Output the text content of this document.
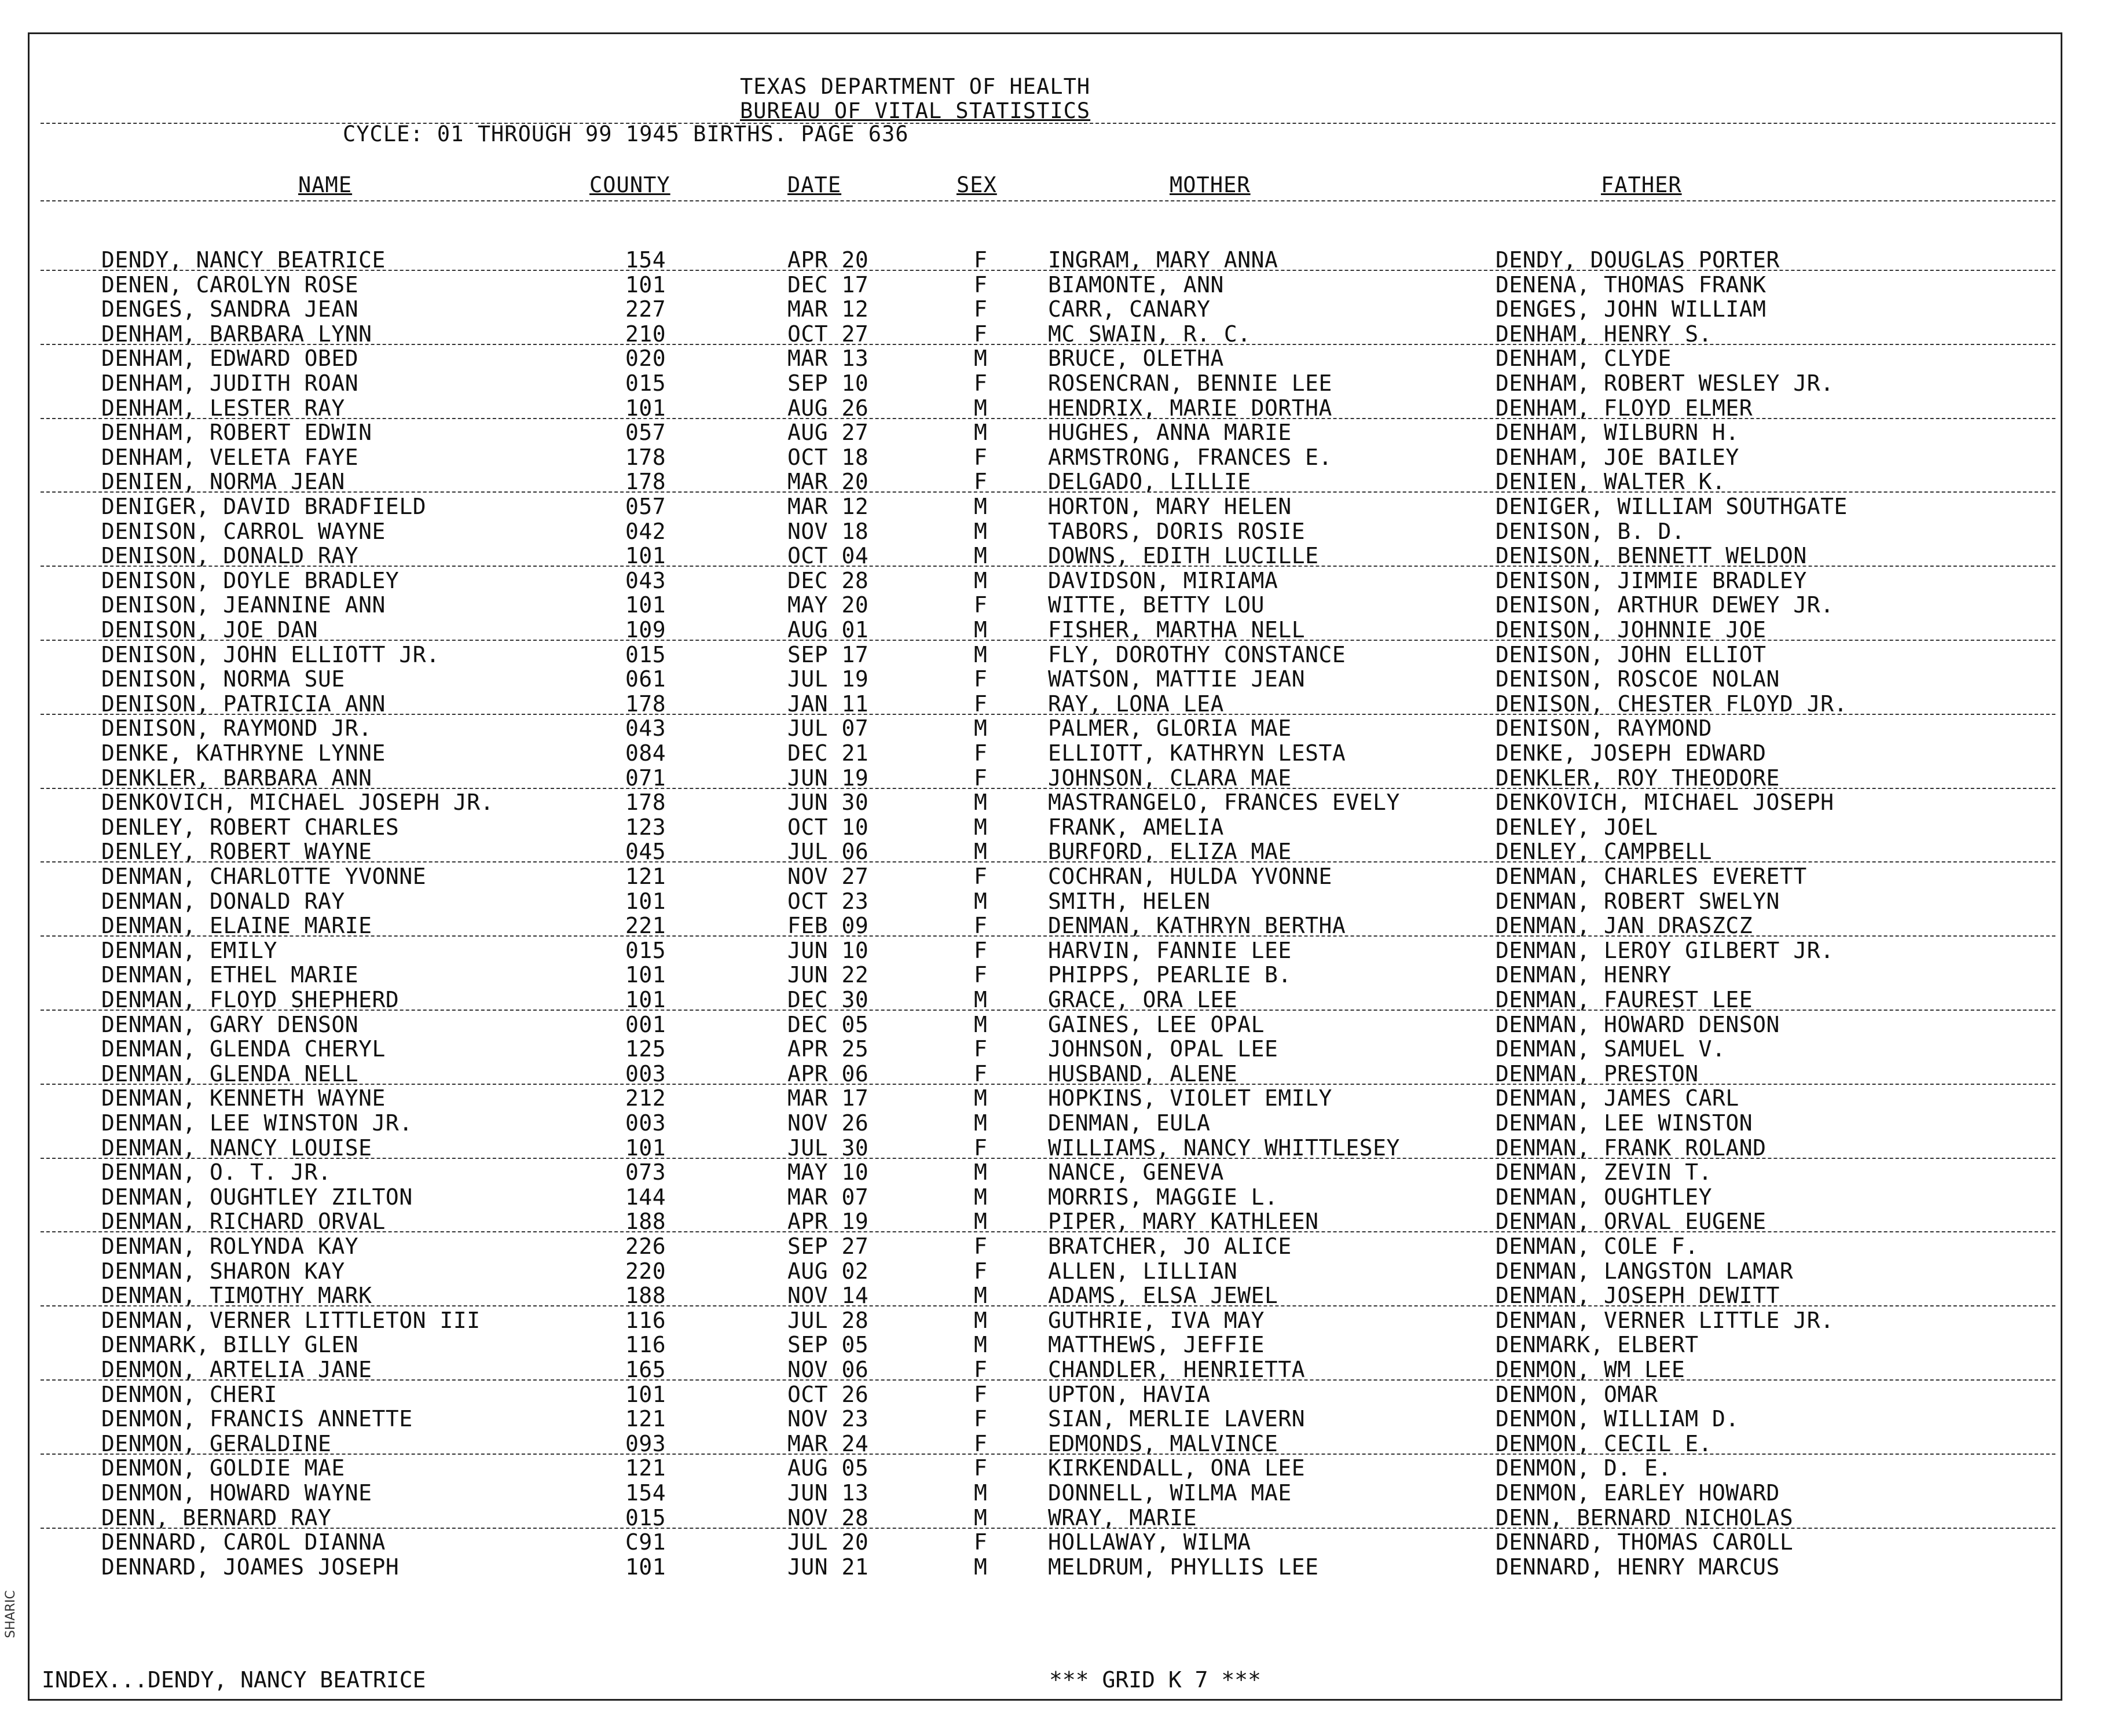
SHARIC
TEXAS DEPARTMENT OF HEALTH
BUREAU OF VITAL STATISTICS
CYCLE: 01 THROUGH 99 1945 BIRTHS. PAGE 636
NAME	COUNTY	DATE	SEX	MOTHER	FATHER
DENDY, NANCY BEATRICE	154	APR 20	F	INGRAM, MARY ANNA	DENDY, DOUGLAS PORTER
DENEN, CAROLYN ROSE	101	DEC 17	F	BIAMONTE, ANN	DENENA, THOMAS FRANK
DENGES, SANDRA JEAN	227	MAR 12	F	CARR, CANARY	DENGES, JOHN WILLIAM
DENHAM, BARBARA LYNN	210	OCT 27	F	MC SWAIN, R. C.	DENHAM, HENRY S.
DENHAM, EDWARD OBED	020	MAR 13	M	BRUCE, OLETHA	DENHAM, CLYDE
DENHAM, JUDITH ROAN	015	SEP 10	F	ROSENCRAN, BENNIE LEE	DENHAM, ROBERT WESLEY JR.
DENHAM, LESTER RAY	101	AUG 26	M	HENDRIX, MARIE DORTHA	DENHAM, FLOYD ELMER
DENHAM, ROBERT EDWIN	057	AUG 27	M	HUGHES, ANNA MARIE	DENHAM, WILBURN H.
DENHAM, VELETA FAYE	178	OCT 18	F	ARMSTRONG, FRANCES E.	DENHAM, JOE BAILEY
DENIEN, NORMA JEAN	178	MAR 20	F	DELGADO, LILLIE	DENIEN, WALTER K.
DENIGER, DAVID BRADFIELD	057	MAR 12	M	HORTON, MARY HELEN	DENIGER, WILLIAM SOUTHGATE
DENISON, CARROL WAYNE	042	NOV 18	M	TABORS, DORIS ROSIE	DENISON, B. D.
DENISON, DONALD RAY	101	OCT 04	M	DOWNS, EDITH LUCILLE	DENISON, BENNETT WELDON
DENISON, DOYLE BRADLEY	043	DEC 28	M	DAVIDSON, MIRIAMA	DENISON, JIMMIE BRADLEY
DENISON, JEANNINE ANN	101	MAY 20	F	WITTE, BETTY LOU	DENISON, ARTHUR DEWEY JR.
DENISON, JOE DAN	109	AUG 01	M	FISHER, MARTHA NELL	DENISON, JOHNNIE JOE
DENISON, JOHN ELLIOTT JR.	015	SEP 17	M	FLY, DOROTHY CONSTANCE	DENISON, JOHN ELLIOT
DENISON, NORMA SUE	061	JUL 19	F	WATSON, MATTIE JEAN	DENISON, ROSCOE NOLAN
DENISON, PATRICIA ANN	178	JAN 11	F	RAY, LONA LEA	DENISON, CHESTER FLOYD JR.
DENISON, RAYMOND JR.	043	JUL 07	M	PALMER, GLORIA MAE	DENISON, RAYMOND
DENKE, KATHRYNE LYNNE	084	DEC 21	F	ELLIOTT, KATHRYN LESTA	DENKE, JOSEPH EDWARD
DENKLER, BARBARA ANN	071	JUN 19	F	JOHNSON, CLARA MAE	DENKLER, ROY THEODORE
DENKOVICH, MICHAEL JOSEPH JR.	178	JUN 30	M	MASTRANGELO, FRANCES EVELY	DENKOVICH, MICHAEL JOSEPH
DENLEY, ROBERT CHARLES	123	OCT 10	M	FRANK, AMELIA	DENLEY, JOEL
DENLEY, ROBERT WAYNE	045	JUL 06	M	BURFORD, ELIZA MAE	DENLEY, CAMPBELL
DENMAN, CHARLOTTE YVONNE	121	NOV 27	F	COCHRAN, HULDA YVONNE	DENMAN, CHARLES EVERETT
DENMAN, DONALD RAY	101	OCT 23	M	SMITH, HELEN	DENMAN, ROBERT SWELYN
DENMAN, ELAINE MARIE	221	FEB 09	F	DENMAN, KATHRYN BERTHA	DENMAN, JAN DRASZCZ
DENMAN, EMILY	015	JUN 10	F	HARVIN, FANNIE LEE	DENMAN, LEROY GILBERT JR.
DENMAN, ETHEL MARIE	101	JUN 22	F	PHIPPS, PEARLIE B.	DENMAN, HENRY
DENMAN, FLOYD SHEPHERD	101	DEC 30	M	GRACE, ORA LEE	DENMAN, FAUREST LEE
DENMAN, GARY DENSON	001	DEC 05	M	GAINES, LEE OPAL	DENMAN, HOWARD DENSON
DENMAN, GLENDA CHERYL	125	APR 25	F	JOHNSON, OPAL LEE	DENMAN, SAMUEL V.
DENMAN, GLENDA NELL	003	APR 06	F	HUSBAND, ALENE	DENMAN, PRESTON
DENMAN, KENNETH WAYNE	212	MAR 17	M	HOPKINS, VIOLET EMILY	DENMAN, JAMES CARL
DENMAN, LEE WINSTON JR.	003	NOV 26	M	DENMAN, EULA	DENMAN, LEE WINSTON
DENMAN, NANCY LOUISE	101	JUL 30	F	WILLIAMS, NANCY WHITTLESEY	DENMAN, FRANK ROLAND
DENMAN, O. T. JR.	073	MAY 10	M	NANCE, GENEVA	DENMAN, ZEVIN T.
DENMAN, OUGHTLEY ZILTON	144	MAR 07	M	MORRIS, MAGGIE L.	DENMAN, OUGHTLEY
DENMAN, RICHARD ORVAL	188	APR 19	M	PIPER, MARY KATHLEEN	DENMAN, ORVAL EUGENE
DENMAN, ROLYNDA KAY	226	SEP 27	F	BRATCHER, JO ALICE	DENMAN, COLE F.
DENMAN, SHARON KAY	220	AUG 02	F	ALLEN, LILLIAN	DENMAN, LANGSTON LAMAR
DENMAN, TIMOTHY MARK	188	NOV 14	M	ADAMS, ELSA JEWEL	DENMAN, JOSEPH DEWITT
DENMAN, VERNER LITTLETON III	116	JUL 28	M	GUTHRIE, IVA MAY	DENMAN, VERNER LITTLE JR.
DENMARK, BILLY GLEN	116	SEP 05	M	MATTHEWS, JEFFIE	DENMARK, ELBERT
DENMON, ARTELIA JANE	165	NOV 06	F	CHANDLER, HENRIETTA	DENMON, WM LEE
DENMON, CHERI	101	OCT 26	F	UPTON, HAVIA	DENMON, OMAR
DENMON, FRANCIS ANNETTE	121	NOV 23	F	SIAN, MERLIE LAVERN	DENMON, WILLIAM D.
DENMON, GERALDINE	093	MAR 24	F	EDMONDS, MALVINCE	DENMON, CECIL E.
DENMON, GOLDIE MAE	121	AUG 05	F	KIRKENDALL, ONA LEE	DENMON, D. E.
DENMON, HOWARD WAYNE	154	JUN 13	M	DONNELL, WILMA MAE	DENMON, EARLEY HOWARD
DENN, BERNARD RAY	015	NOV 28	M	WRAY, MARIE	DENN, BERNARD NICHOLAS
DENNARD, CAROL DIANNA	C91	JUL 20	F	HOLLAWAY, WILMA	DENNARD, THOMAS CAROLL
DENNARD, JOAMES JOSEPH	101	JUN 21	M	MELDRUM, PHYLLIS LEE	DENNARD, HENRY MARCUS
INDEX...DENDY, NANCY BEATRICE	*** GRID K 7 ***
